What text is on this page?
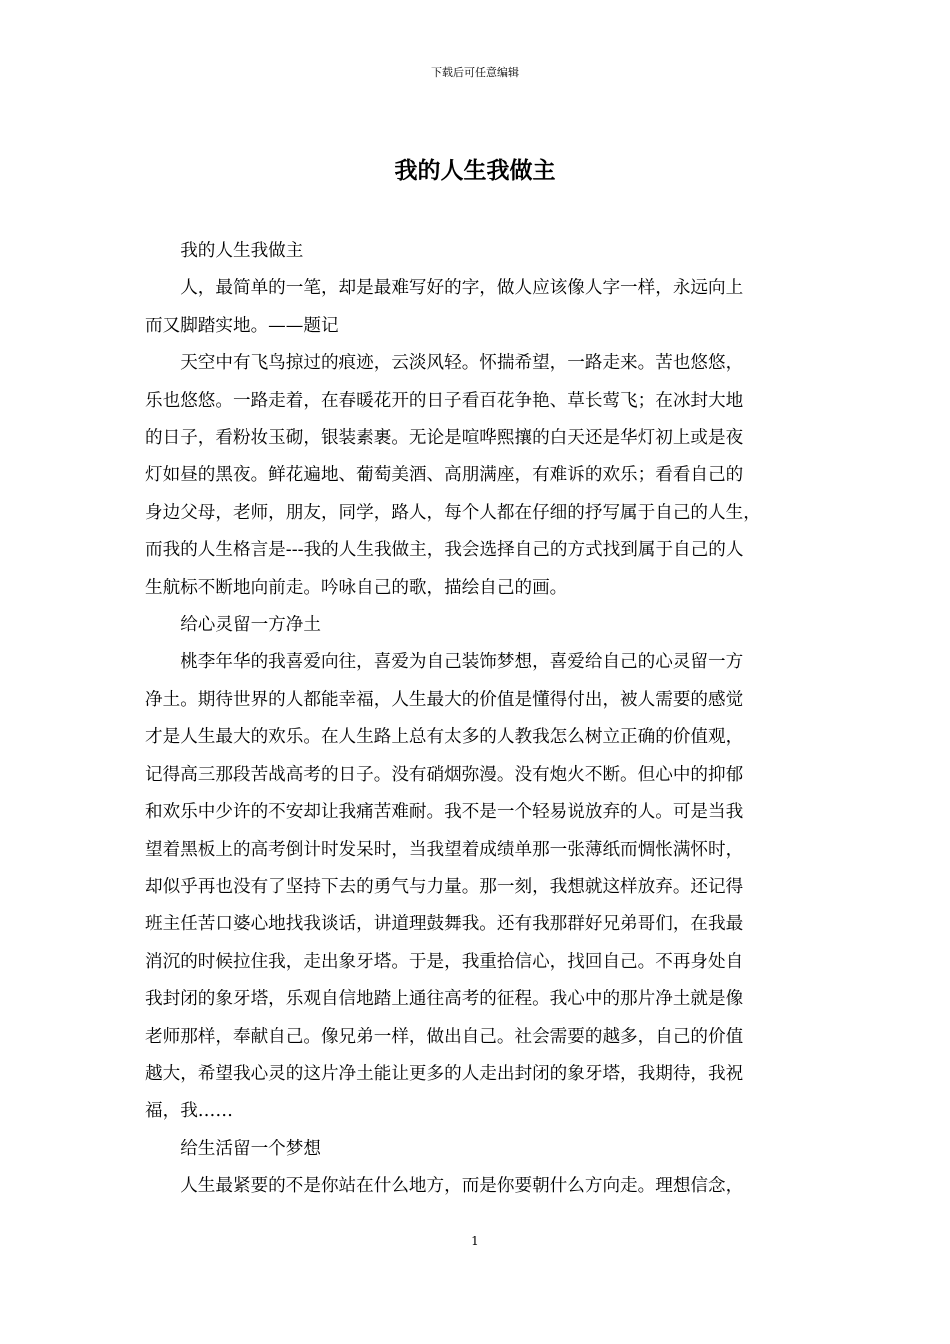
下载后可任意编辑
我的人生我做主
我的人生我做主
人，最简单的一笔，却是最难写好的字，做人应该像人字一样，永远向上
而又脚踏实地。——题记
天空中有飞鸟掠过的痕迹，云淡风轻。怀揣希望，一路走来。苦也悠悠，
乐也悠悠。一路走着，在春暖花开的日子看百花争艳、草长莺飞；在冰封大地
的日子，看粉妆玉砌，银装素裹。无论是喧哗熙攘的白天还是华灯初上或是夜
灯如昼的黑夜。鲜花遍地、葡萄美酒、高朋满座，有难诉的欢乐；看看自己的
身边父母，老师，朋友，同学，路人，每个人都在仔细的抒写属于自己的人生，
而我的人生格言是---我的人生我做主，我会选择自己的方式找到属于自己的人
生航标不断地向前走。吟咏自己的歌，描绘自己的画。
给心灵留一方净土
桃李年华的我喜爱向往，喜爱为自己装饰梦想，喜爱给自己的心灵留一方
净土。期待世界的人都能幸福，人生最大的价值是懂得付出，被人需要的感觉
才是人生最大的欢乐。在人生路上总有太多的人教我怎么树立正确的价值观，
记得高三那段苦战高考的日子。没有硝烟弥漫。没有炮火不断。但心中的抑郁
和欢乐中少许的不安却让我痛苦难耐。我不是一个轻易说放弃的人。可是当我
望着黑板上的高考倒计时发呆时，当我望着成绩单那一张薄纸而惆怅满怀时，
却似乎再也没有了坚持下去的勇气与力量。那一刻，我想就这样放弃。还记得
班主任苦口婆心地找我谈话，讲道理鼓舞我。还有我那群好兄弟哥们，在我最
消沉的时候拉住我，走出象牙塔。于是，我重拾信心，找回自己。不再身处自
我封闭的象牙塔，乐观自信地踏上通往高考的征程。我心中的那片净土就是像
老师那样，奉献自己。像兄弟一样，做出自己。社会需要的越多，自己的价值
越大，希望我心灵的这片净土能让更多的人走出封闭的象牙塔，我期待，我祝
福，我……
给生活留一个梦想
人生最紧要的不是你站在什么地方，而是你要朝什么方向走。理想信念，
1
